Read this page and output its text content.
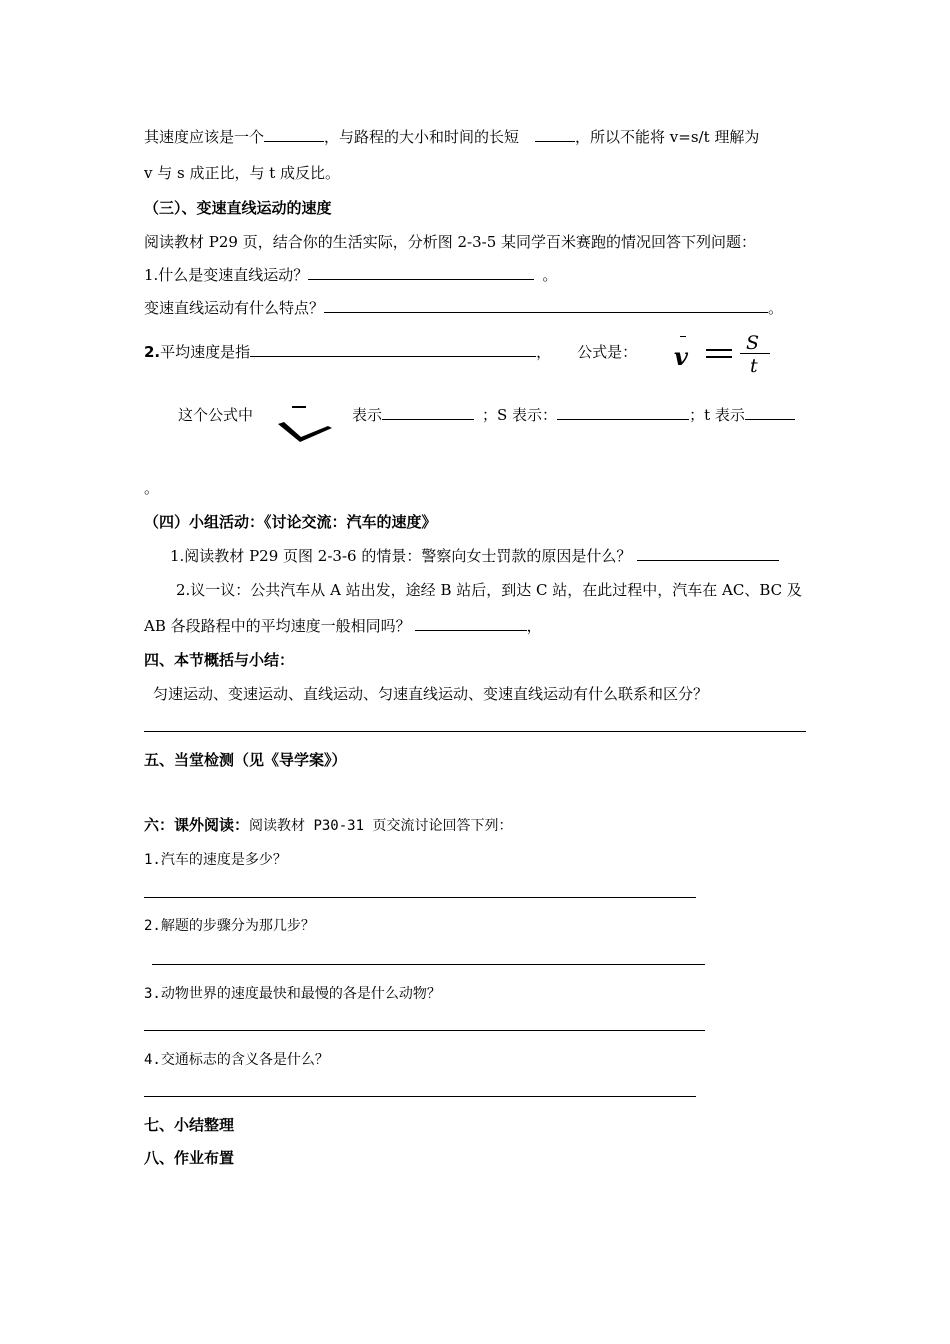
其速度应该是一个	，与路程的大小和时间的长短	，所以不能将 v=s/t 理解为
v 与 s 成正比，与 t 成反比。
（三）、变速直线运动的速度
阅读教材 P29 页，结合你的生活实际，分析图 2-3-5 某同学百米赛跑的情况回答下列问题：
1.什么是变速直线运动？	。
变速直线运动有什么特点？	。
2.平均速度是指	， 公式是： v	S
t
这个公式中	表示	；S 表示：	；t 表示
。
（四）小组活动：《讨论交流：汽车的速度》
1.阅读教材 P29 页图 2-3-6 的情景：警察向女士罚款的原因是什么？
2.议一议：公共汽车从 A 站出发，途经 B 站后，到达 C 站，在此过程中，汽车在 AC、BC 及
AB 各段路程中的平均速度一般相同吗？	，
四、本节概括与小结：
匀速运动、变速运动、直线运动、匀速直线运动、变速直线运动有什么联系和区分？
五、当堂检测（见《导学案》）
六：课外阅读：阅读教材 P30-31 页交流讨论回答下列：
1.汽车的速度是多少？
2.解题的步骤分为那几步？
3.动物世界的速度最快和最慢的各是什么动物？
4.交通标志的含义各是什么？
七、小结整理
八、作业布置
